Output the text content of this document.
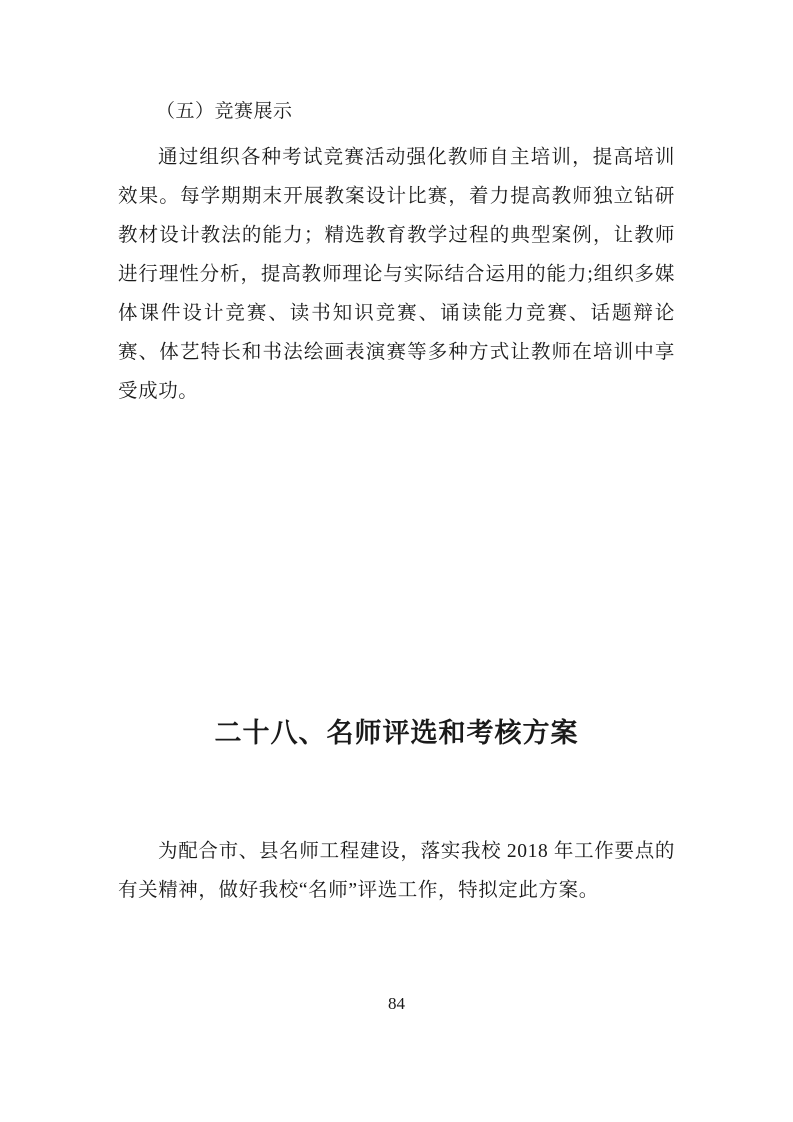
（五）竞赛展示

通过组织各种考试竞赛活动强化教师自主培训，提高培训效果。每学期期末开展教案设计比赛，着力提高教师独立钻研教材设计教法的能力；精选教育教学过程的典型案例，让教师进行理性分析，提高教师理论与实际结合运用的能力;组织多媒体课件设计竞赛、读书知识竞赛、诵读能力竞赛、话题辩论赛、体艺特长和书法绘画表演赛等多种方式让教师在培训中享受成功。

二十八、名师评选和考核方案

为配合市、县名师工程建设，落实我校 2018 年工作要点的有关精神，做好我校“名师”评选工作，特拟定此方案。

84
